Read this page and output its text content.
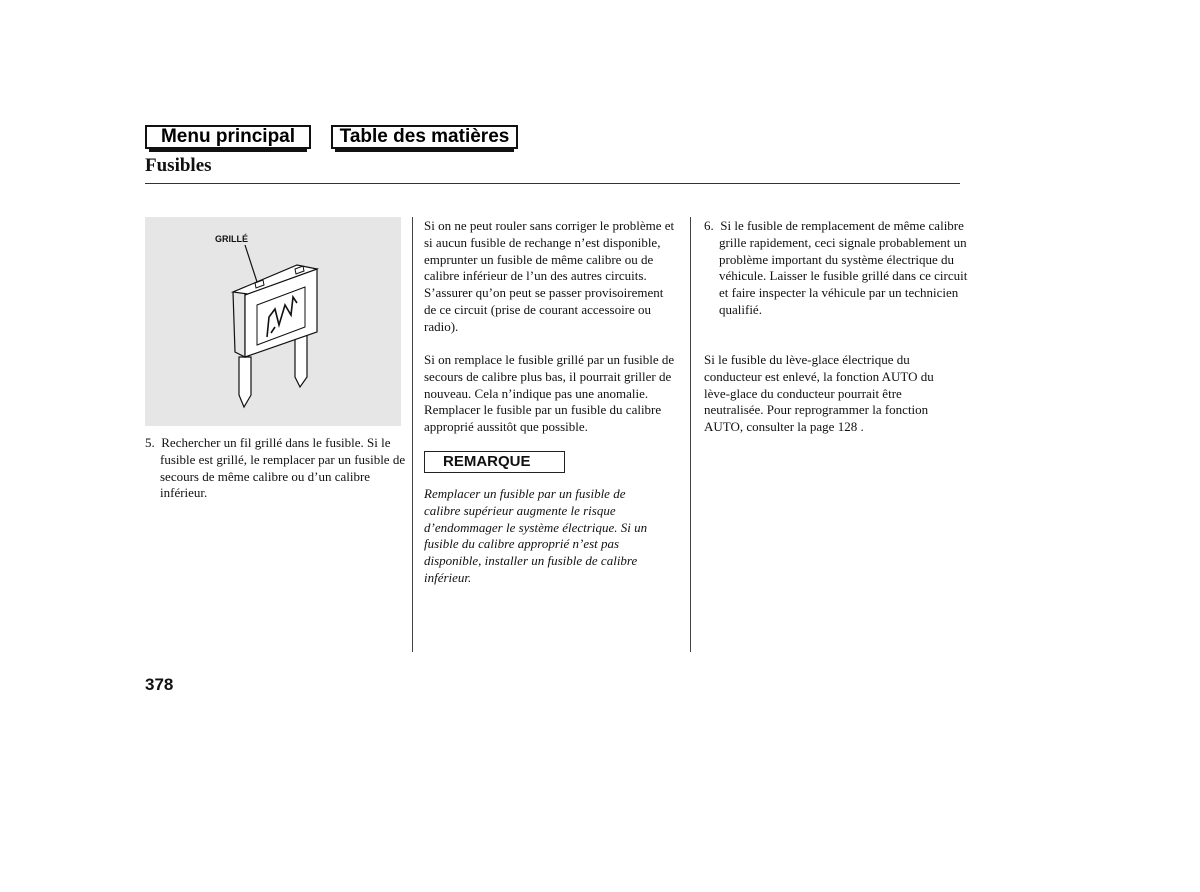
Menu principal	Table des matières
Fusibles
GRILLÉ
5.  Rechercher un fil grillé dans le fusible. Si le fusible est grillé, le remplacer par un fusible de secours de même calibre ou d’un calibre inférieur.
Si on ne peut rouler sans corriger le problème et si aucun fusible de rechange n’est disponible, emprunter un fusible de même calibre ou de calibre inférieur de l’un des autres circuits. S’assurer qu’on peut se passer provisoirement de ce circuit (prise de courant accessoire ou radio).
Si on remplace le fusible grillé par un fusible de secours de calibre plus bas, il pourrait griller de nouveau. Cela n’indique pas une anomalie. Remplacer le fusible par un fusible du calibre approprié aussitôt que possible.
REMARQUE
Remplacer un fusible par un fusible de calibre supérieur augmente le risque d’endommager le système électrique. Si un fusible du calibre approprié n’est pas disponible, installer un fusible de calibre inférieur.
6.  Si le fusible de remplacement de même calibre grille rapidement, ceci signale probablement un problème important du système électrique du véhicule. Laisser le fusible grillé dans ce circuit et faire inspecter la véhicule par un technicien qualifié.
Si le fusible du lève-glace électrique du conducteur est enlevé, la fonction AUTO du lève-glace du conducteur pourrait être neutralisée. Pour reprogrammer la fonction AUTO, consulter la page 128 .
378
